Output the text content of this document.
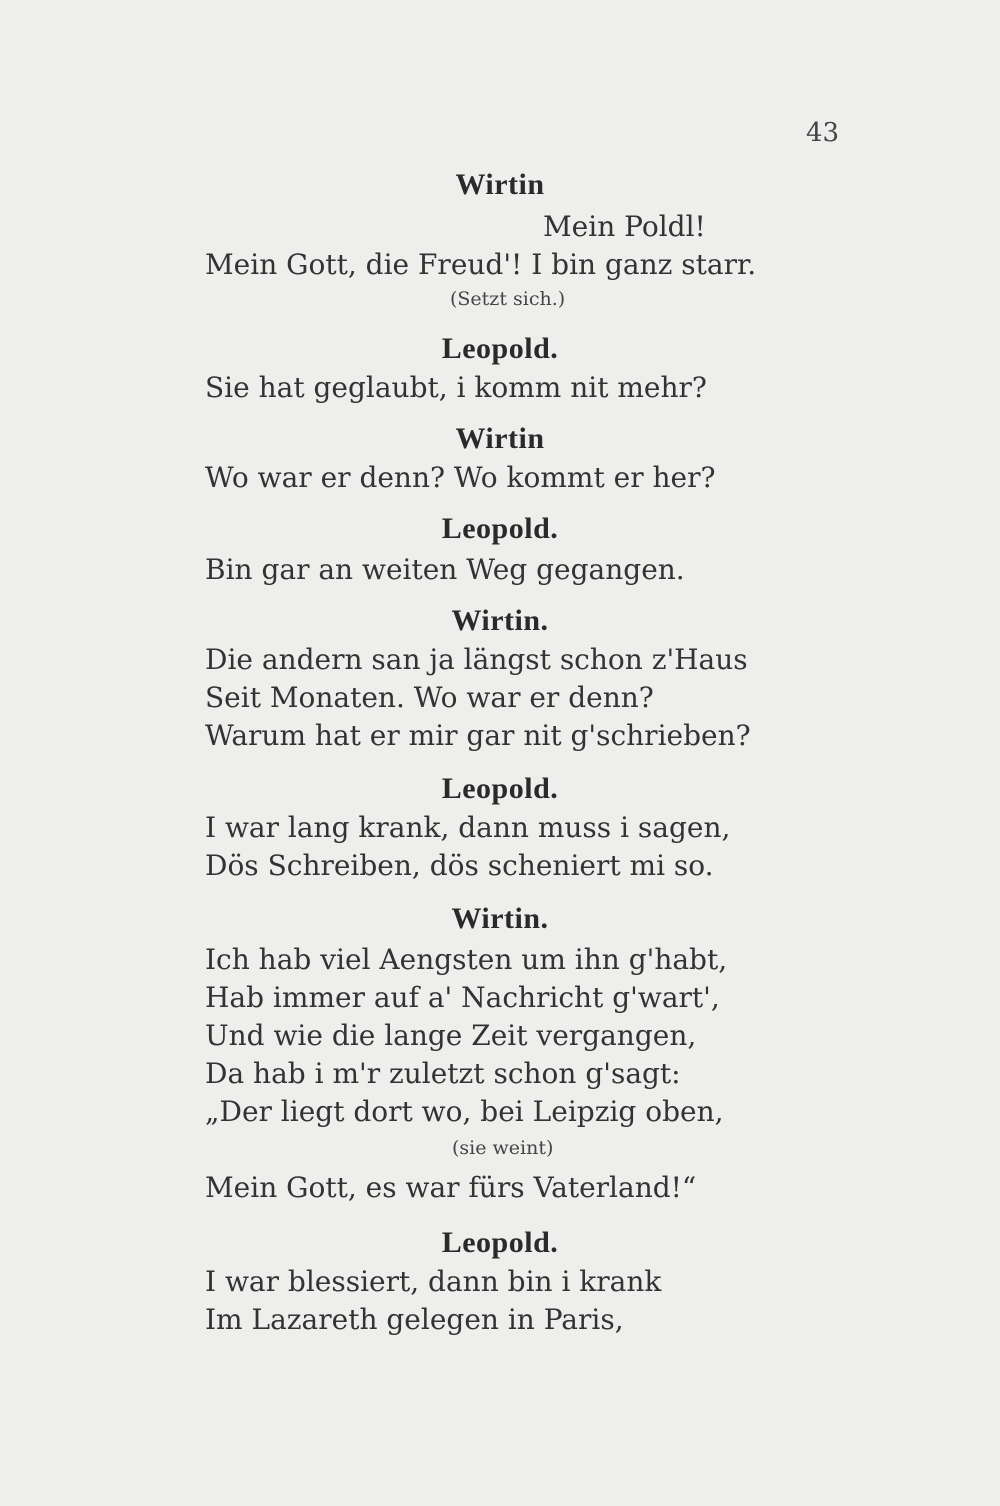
43
Wirtin
Mein Poldl!
Mein Gott, die Freud'! I bin ganz starr.
(Setzt sich.)
Leopold.
Sie hat geglaubt, i komm nit mehr?
Wirtin
Wo war er denn? Wo kommt er her?
Leopold.
Bin gar an weiten Weg gegangen.
Wirtin.
Die andern san ja längst schon z'Haus
Seit Monaten. Wo war er denn?
Warum hat er mir gar nit g'schrieben?
Leopold.
I war lang krank, dann muss i sagen,
Dös Schreiben, dös scheniert mi so.
Wirtin.
Ich hab viel Aengsten um ihn g'habt,
Hab immer auf a' Nachricht g'wart',
Und wie die lange Zeit vergangen,
Da hab i m'r zuletzt schon g'sagt:
„Der liegt dort wo, bei Leipzig oben,
(sie weint)
Mein Gott, es war fürs Vaterland!“
Leopold.
I war blessiert, dann bin i krank
Im Lazareth gelegen in Paris,
